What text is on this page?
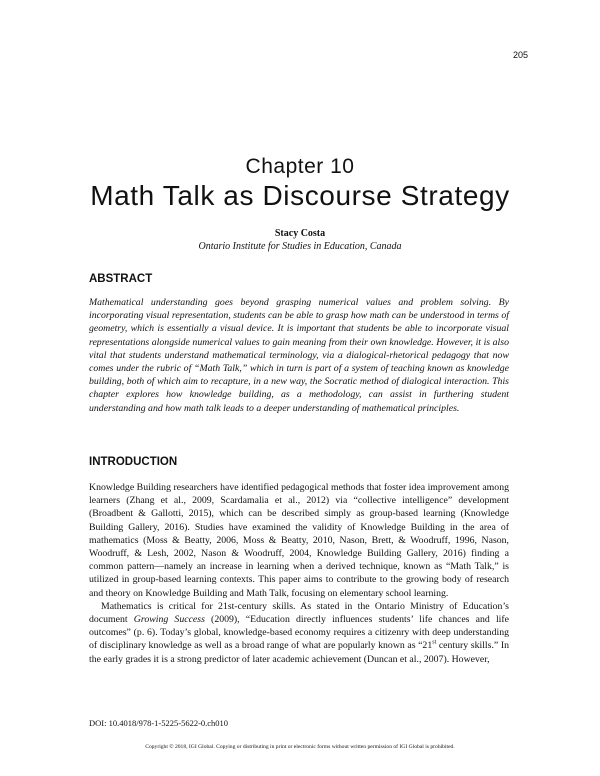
205
Chapter 10
Math Talk as Discourse Strategy
Stacy Costa
Ontario Institute for Studies in Education, Canada
ABSTRACT

Mathematical understanding goes beyond grasping numerical values and problem solving. By incorporating visual representation, students can be able to grasp how math can be understood in terms of geometry, which is essentially a visual device. It is important that students be able to incorporate visual representations alongside numerical values to gain meaning from their own knowledge. However, it is also vital that students understand mathematical terminology, via a dialogical-rhetorical pedagogy that now comes under the rubric of “Math Talk,” which in turn is part of a system of teaching known as knowledge building, both of which aim to recapture, in a new way, the Socratic method of dialogical interaction. This chapter explores how knowledge building, as a methodology, can assist in furthering student understanding and how math talk leads to a deeper understanding of mathematical principles.

INTRODUCTION

Knowledge Building researchers have identified pedagogical methods that foster idea improvement among learners (Zhang et al., 2009, Scardamalia et al., 2012) via “collective intelligence” development (Broadbent & Gallotti, 2015), which can be described simply as group-based learning (Knowledge Building Gallery, 2016). Studies have examined the validity of Knowledge Building in the area of mathematics (Moss & Beatty, 2006, Moss & Beatty, 2010, Nason, Brett, & Woodruff, 1996, Nason, Woodruff, & Lesh, 2002, Nason & Woodruff, 2004, Knowledge Building Gallery, 2016) finding a common pattern—namely an increase in learning when a derived technique, known as “Math Talk,” is utilized in group-based learning contexts. This paper aims to contribute to the growing body of research and theory on Knowledge Building and Math Talk, focusing on elementary school learning.

Mathematics is critical for 21st-century skills. As stated in the Ontario Ministry of Education’s document Growing Success (2009), “Education directly influences students’ life chances and life outcomes” (p. 6). Today’s global, knowledge-based economy requires a citizenry with deep understanding of disciplinary knowledge as well as a broad range of what are popularly known as “21st century skills.” In the early grades it is a strong predictor of later academic achievement (Duncan et al., 2007). However,

DOI: 10.4018/978-1-5225-5622-0.ch010
Copyright © 2018, IGI Global. Copying or distributing in print or electronic forms without written permission of IGI Global is prohibited.
